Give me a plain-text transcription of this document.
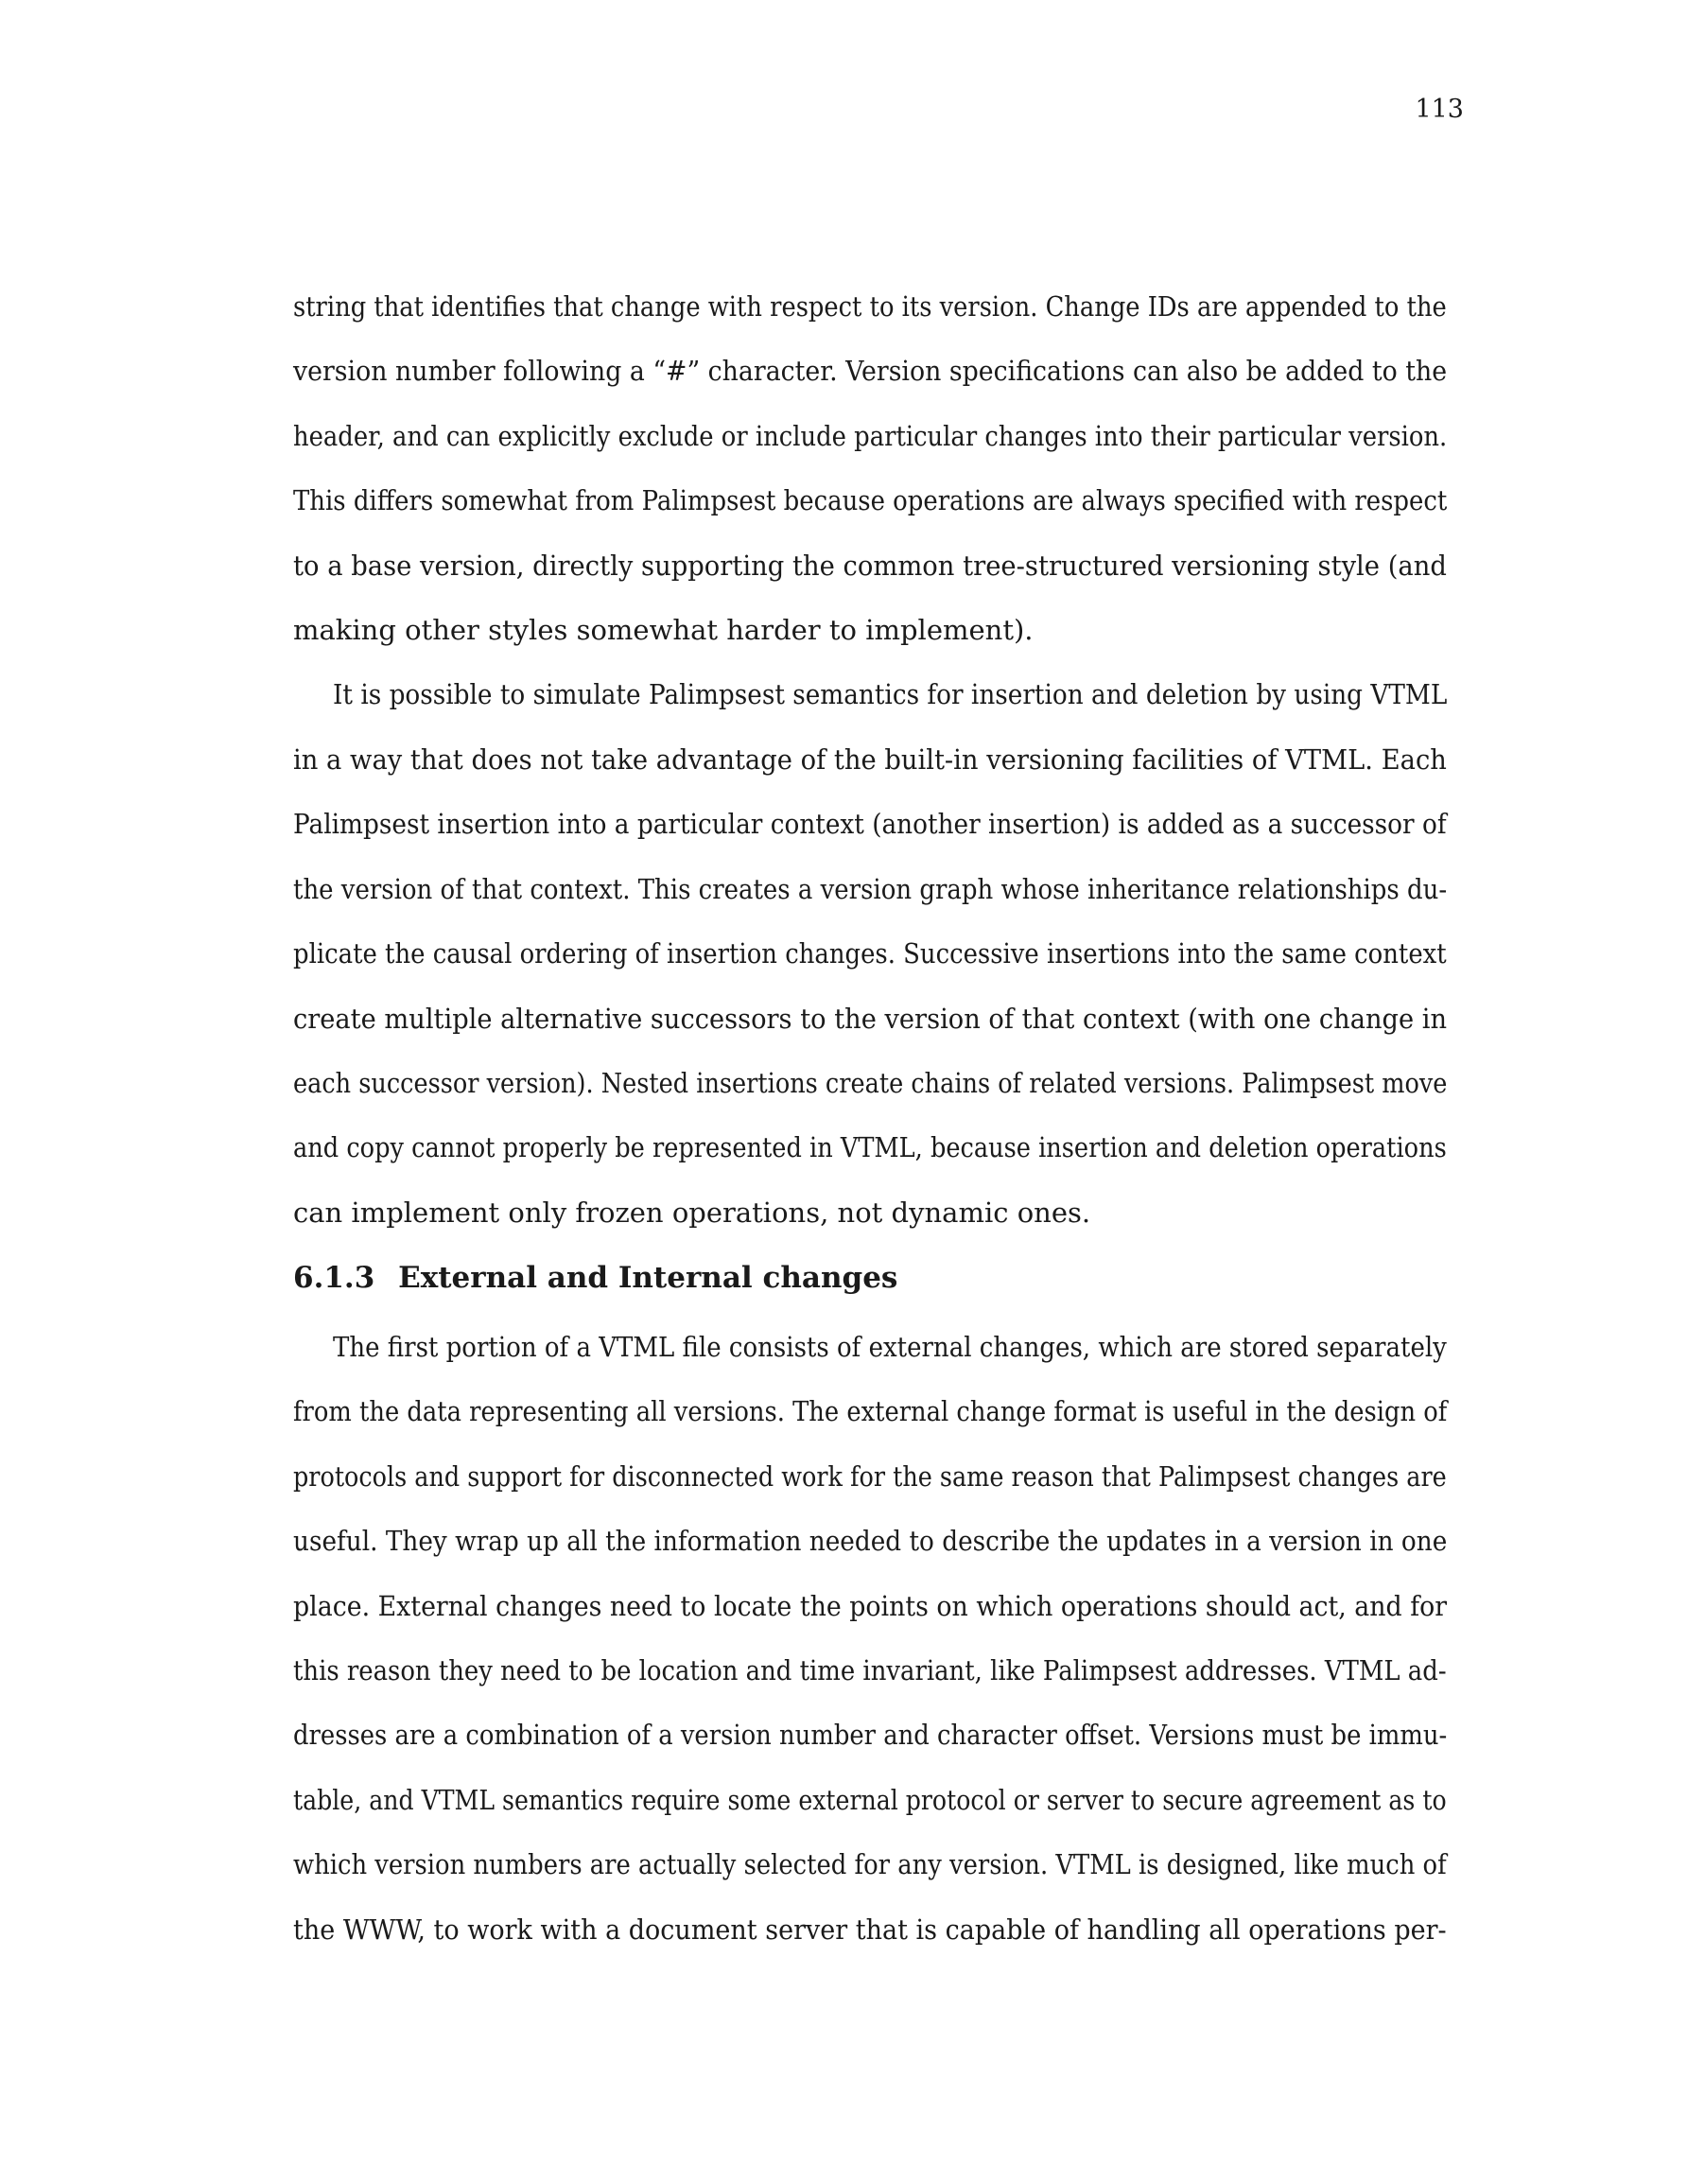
113
string that identifies that change with respect to its version. Change IDs are appended to the
version number following a “#” character. Version specifications can also be added to the
header, and can explicitly exclude or include particular changes into their particular version.
This differs somewhat from Palimpsest because operations are always specified with respect
to a base version, directly supporting the common tree-structured versioning style (and
making other styles somewhat harder to implement).
It is possible to simulate Palimpsest semantics for insertion and deletion by using VTML
in a way that does not take advantage of the built-in versioning facilities of VTML. Each
Palimpsest insertion into a particular context (another insertion) is added as a successor of
the version of that context. This creates a version graph whose inheritance relationships du-
plicate the causal ordering of insertion changes. Successive insertions into the same context
create multiple alternative successors to the version of that context (with one change in
each successor version). Nested insertions create chains of related versions. Palimpsest move
and copy cannot properly be represented in VTML, because insertion and deletion operations
can implement only frozen operations, not dynamic ones.
6.1.3 External and Internal changes
The first portion of a VTML file consists of external changes, which are stored separately
from the data representing all versions. The external change format is useful in the design of
protocols and support for disconnected work for the same reason that Palimpsest changes are
useful. They wrap up all the information needed to describe the updates in a version in one
place. External changes need to locate the points on which operations should act, and for
this reason they need to be location and time invariant, like Palimpsest addresses. VTML ad-
dresses are a combination of a version number and character offset. Versions must be immu-
table, and VTML semantics require some external protocol or server to secure agreement as to
which version numbers are actually selected for any version. VTML is designed, like much of
the WWW, to work with a document server that is capable of handling all operations per-
